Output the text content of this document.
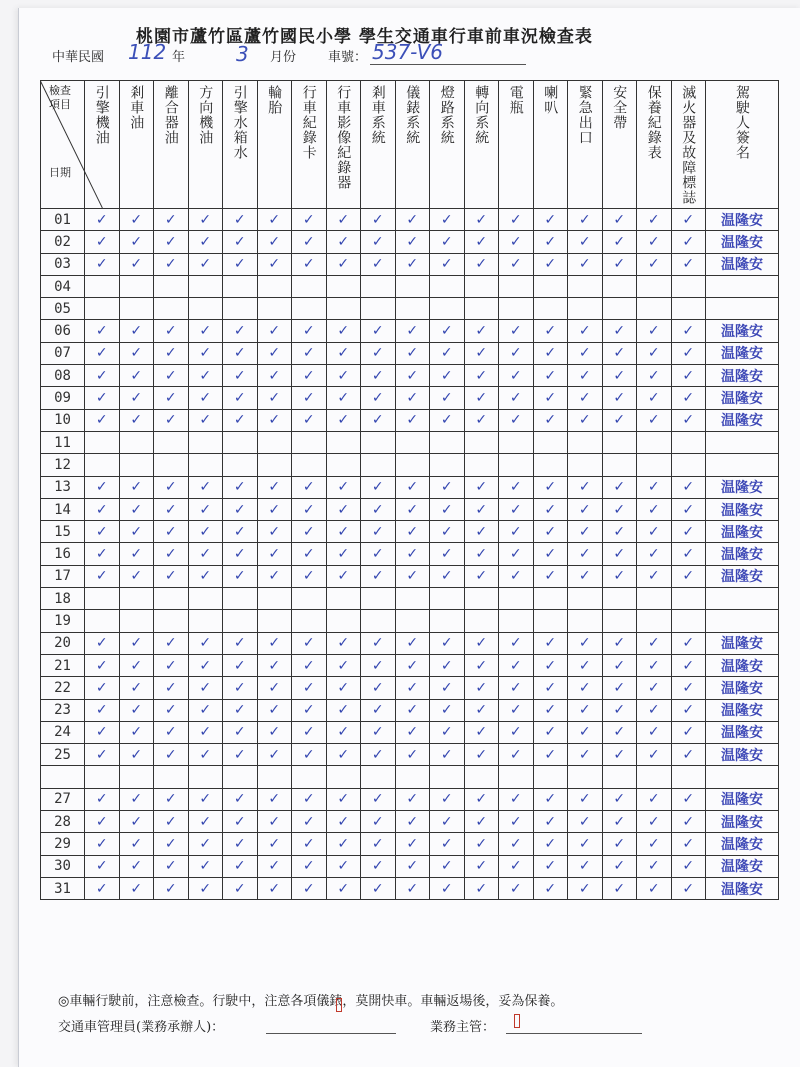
桃園市蘆竹區蘆竹國民小學 學生交通車行車前車況檢查表
中華民國 112 年	3 月份 車號： 537-V6
檢查
項目
日期	引擎機油	剎車油	離合器油	方向機油	引擎水箱水	輪胎	行車紀錄卡	行車影像紀錄器	剎車系統	儀錶系統	燈路系統	轉向系統	電瓶	喇叭	緊急出口	安全帶	保養紀錄表	滅火器及故障標誌	駕駛人簽名

01	✓	✓	✓	✓	✓	✓	✓	✓	✓	✓	✓	✓	✓	✓	✓	✓	✓	✓	温隆安
02	✓	✓	✓	✓	✓	✓	✓	✓	✓	✓	✓	✓	✓	✓	✓	✓	✓	✓	温隆安
03	✓	✓	✓	✓	✓	✓	✓	✓	✓	✓	✓	✓	✓	✓	✓	✓	✓	✓	温隆安
04																			
05																			
06	✓	✓	✓	✓	✓	✓	✓	✓	✓	✓	✓	✓	✓	✓	✓	✓	✓	✓	温隆安
07	✓	✓	✓	✓	✓	✓	✓	✓	✓	✓	✓	✓	✓	✓	✓	✓	✓	✓	温隆安
08	✓	✓	✓	✓	✓	✓	✓	✓	✓	✓	✓	✓	✓	✓	✓	✓	✓	✓	温隆安
09	✓	✓	✓	✓	✓	✓	✓	✓	✓	✓	✓	✓	✓	✓	✓	✓	✓	✓	温隆安
10	✓	✓	✓	✓	✓	✓	✓	✓	✓	✓	✓	✓	✓	✓	✓	✓	✓	✓	温隆安
11																			
12																			
13	✓	✓	✓	✓	✓	✓	✓	✓	✓	✓	✓	✓	✓	✓	✓	✓	✓	✓	温隆安
14	✓	✓	✓	✓	✓	✓	✓	✓	✓	✓	✓	✓	✓	✓	✓	✓	✓	✓	温隆安
15	✓	✓	✓	✓	✓	✓	✓	✓	✓	✓	✓	✓	✓	✓	✓	✓	✓	✓	温隆安
16	✓	✓	✓	✓	✓	✓	✓	✓	✓	✓	✓	✓	✓	✓	✓	✓	✓	✓	温隆安
17	✓	✓	✓	✓	✓	✓	✓	✓	✓	✓	✓	✓	✓	✓	✓	✓	✓	✓	温隆安
18																			
19																			
20	✓	✓	✓	✓	✓	✓	✓	✓	✓	✓	✓	✓	✓	✓	✓	✓	✓	✓	温隆安
21	✓	✓	✓	✓	✓	✓	✓	✓	✓	✓	✓	✓	✓	✓	✓	✓	✓	✓	温隆安
22	✓	✓	✓	✓	✓	✓	✓	✓	✓	✓	✓	✓	✓	✓	✓	✓	✓	✓	温隆安
23	✓	✓	✓	✓	✓	✓	✓	✓	✓	✓	✓	✓	✓	✓	✓	✓	✓	✓	温隆安
24	✓	✓	✓	✓	✓	✓	✓	✓	✓	✓	✓	✓	✓	✓	✓	✓	✓	✓	温隆安
25	✓	✓	✓	✓	✓	✓	✓	✓	✓	✓	✓	✓	✓	✓	✓	✓	✓	✓	温隆安

27	✓	✓	✓	✓	✓	✓	✓	✓	✓	✓	✓	✓	✓	✓	✓	✓	✓	✓	温隆安
28	✓	✓	✓	✓	✓	✓	✓	✓	✓	✓	✓	✓	✓	✓	✓	✓	✓	✓	温隆安
29	✓	✓	✓	✓	✓	✓	✓	✓	✓	✓	✓	✓	✓	✓	✓	✓	✓	✓	温隆安
30	✓	✓	✓	✓	✓	✓	✓	✓	✓	✓	✓	✓	✓	✓	✓	✓	✓	✓	温隆安
31	✓	✓	✓	✓	✓	✓	✓	✓	✓	✓	✓	✓	✓	✓	✓	✓	✓	✓	温隆安
◎車輛行駛前，注意檢查。行駛中，注意各項儀錶，莫開快車。車輛返場後，妥為保養。
交通車管理員(業務承辦人)：	業務主管：
